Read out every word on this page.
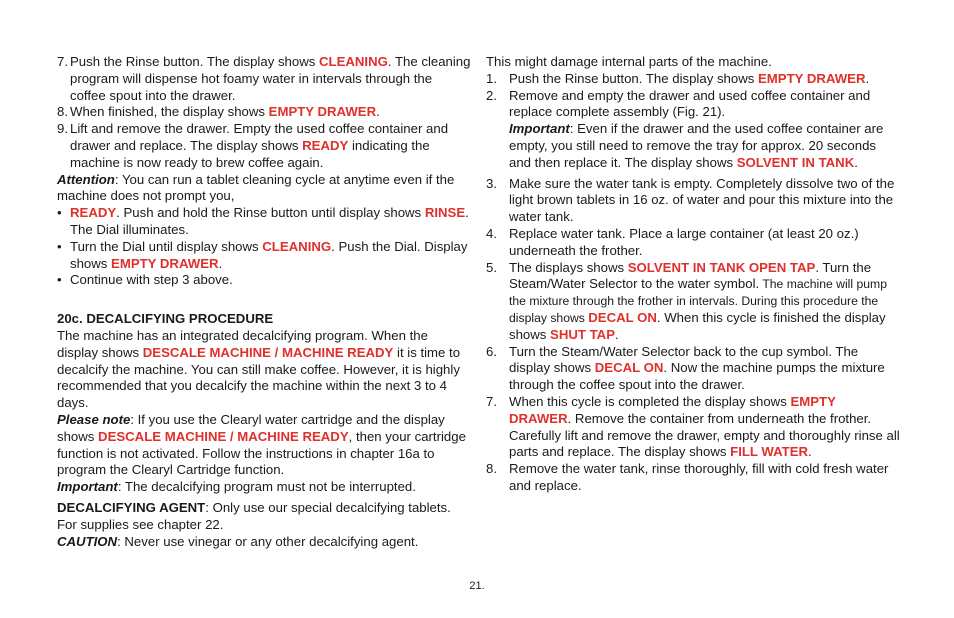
7. Push the Rinse button. The display shows CLEANING. The cleaning program will dispense hot foamy water in intervals through the coffee spout into the drawer.
8. When finished, the display shows EMPTY DRAWER.
9. Lift and remove the drawer. Empty the used coffee container and drawer and replace. The display shows READY indicating the machine is now ready to brew coffee again.

Attention: You can run a tablet cleaning cycle at anytime even if the machine does not prompt you,

• READY. Push and hold the Rinse button until display shows RINSE. The Dial illuminates.
• Turn the Dial until display shows CLEANING. Push the Dial. Display shows EMPTY DRAWER.
• Continue with step 3 above.

20c. DECALCIFYING PROCEDURE

The machine has an integrated decalcifying program. When the display shows DESCALE MACHINE / MACHINE READY it is time to decalcify the machine. You can still make coffee. However, it is highly recommended that you decalcify the machine within the next 3 to 4 days.

Please note: If you use the Clearyl water cartridge and the display shows DESCALE MACHINE / MACHINE READY, then your cartridge function is not activated. Follow the instructions in chapter 16a to program the Clearyl Cartridge function.

Important: The decalcifying program must not be interrupted.

DECALCIFYING AGENT: Only use our special decalcifying tablets. For supplies see chapter 22.

CAUTION: Never use vinegar or any other decalcifying agent.

This might damage internal parts of the machine.

1. Push the Rinse button. The display shows EMPTY DRAWER.
2. Remove and empty the drawer and used coffee container and replace complete assembly (Fig. 21).
Important: Even if the drawer and the used coffee container are empty, you still need to remove the tray for approx. 20 seconds and then replace it. The display shows SOLVENT IN TANK.
3. Make sure the water tank is empty. Completely dissolve two of the light brown tablets in 16 oz. of water and pour this mixture into the water tank.
4. Replace water tank. Place a large container (at least 20 oz.) underneath the frother.
5. The displays shows SOLVENT IN TANK OPEN TAP. Turn the Steam/Water Selector to the water symbol. The machine will pump the mixture through the frother in intervals. During this procedure the display shows DECAL ON. When this cycle is finished the display shows SHUT TAP.
6. Turn the Steam/Water Selector back to the cup symbol. The display shows DECAL ON. Now the machine pumps the mixture through the coffee spout into the drawer.
7. When this cycle is completed the display shows EMPTY DRAWER. Remove the container from underneath the frother. Carefully lift and remove the drawer, empty and thoroughly rinse all parts and replace. The display shows FILL WATER.
8. Remove the water tank, rinse thoroughly, fill with cold fresh water and replace.
21.
